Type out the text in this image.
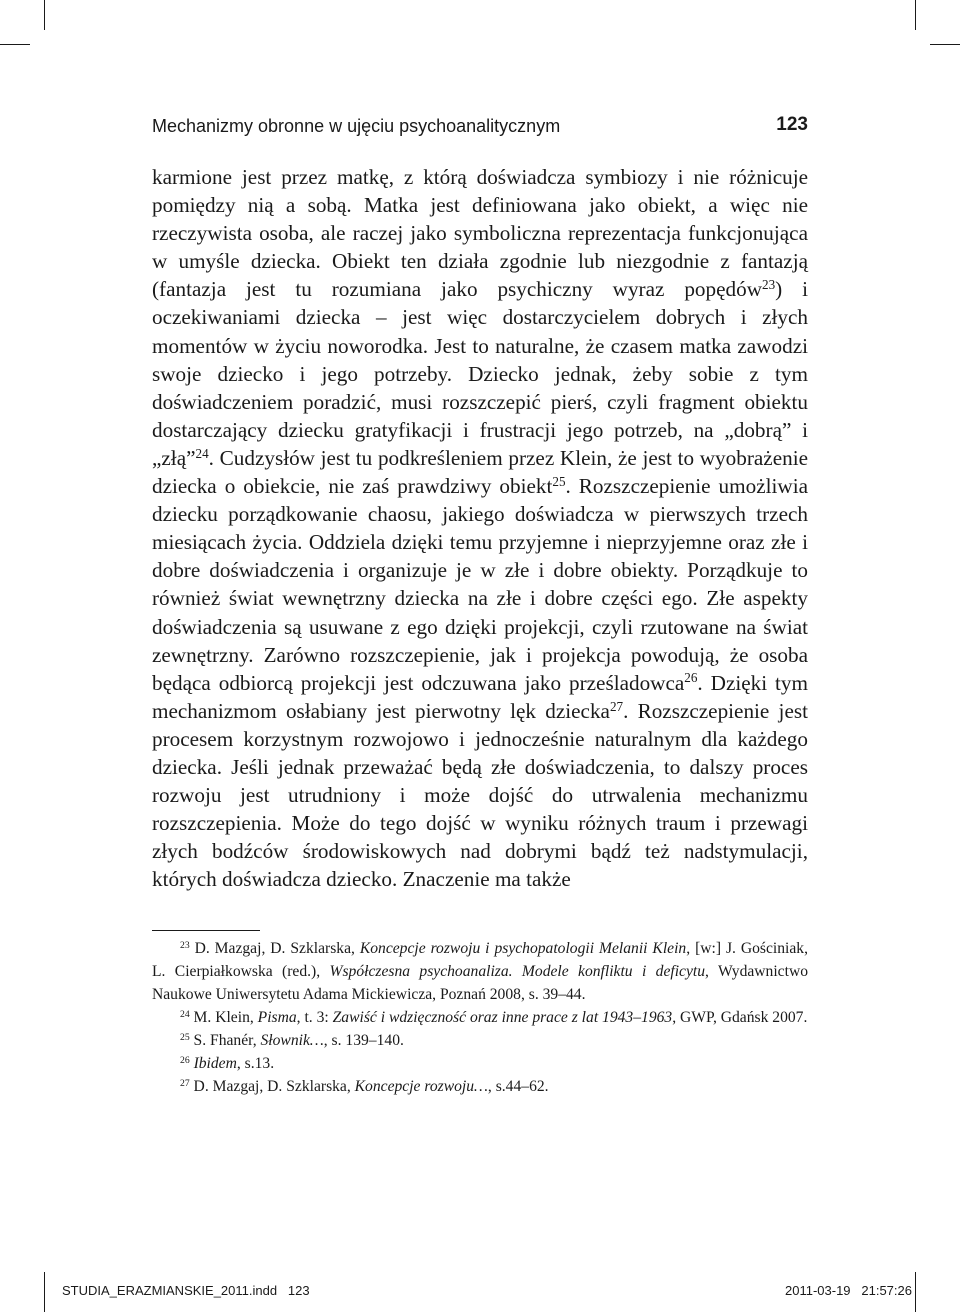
Mechanizmy obronne w ujęciu psychoanalitycznym	123

karmione jest przez matkę, z którą doświadcza symbiozy i nie różnicuje pomiędzy nią a sobą. Matka jest definiowana jako obiekt, a więc nie rzeczywista osoba, ale raczej jako symboliczna reprezentacja funkcjonująca w umyśle dziecka. Obiekt ten działa zgodnie lub niezgodnie z fantazją (fantazja jest tu rozumiana jako psychiczny wyraz popędów$^{23}$) i oczekiwaniami dziecka – jest więc dostarczycielem dobrych i złych momentów w życiu noworodka. Jest to naturalne, że czasem matka zawodzi swoje dziecko i jego potrzeby. Dziecko jednak, żeby sobie z tym doświadczeniem poradzić, musi rozszczepić pierś, czyli fragment obiektu dostarczający dziecku gratyfikacji i frustracji jego potrzeb, na „dobrą” i „złą”$^{24}$. Cudzysłów jest tu podkreśleniem przez Klein, że jest to wyobrażenie dziecka o obiekcie, nie zaś prawdziwy obiekt$^{25}$. Rozszczepienie umożliwia dziecku porządkowanie chaosu, jakiego doświadcza w pierwszych trzech miesiącach życia. Oddziela dzięki temu przyjemne i nieprzyjemne oraz złe i dobre doświadczenia i organizuje je w złe i dobre obiekty. Porządkuje to również świat wewnętrzny dziecka na złe i dobre części ego. Złe aspekty doświadczenia są usuwane z ego dzięki projekcji, czyli rzutowane na świat zewnętrzny. Zarówno rozszczepienie, jak i projekcja powodują, że osoba będąca odbiorcą projekcji jest odczuwana jako prześladowca$^{26}$. Dzięki tym mechanizmom osłabiany jest pierwotny lęk dziecka$^{27}$. Rozszczepienie jest procesem korzystnym rozwojowo i jednocześnie naturalnym dla każdego dziecka. Jeśli jednak przeważać będą złe doświadczenia, to dalszy proces rozwoju jest utrudniony i może dojść do utrwalenia mechanizmu rozszczepienia. Może do tego dojść w wyniku różnych traum i przewagi złych bodźców środowiskowych nad dobrymi bądź też nadstymulacji, których doświadcza dziecko. Znaczenie ma także

$^{23}$ D. Mazgaj, D. Szklarska, Koncepcje rozwoju i psychopatologii Melanii Klein, [w:] J. Gościniak, L. Cierpiałkowska (red.), Współczesna psychoanaliza. Modele konfliktu i deficytu, Wydawnictwo Naukowe Uniwersytetu Adama Mickiewicza, Poznań 2008, s. 39–44.

$^{24}$ M. Klein, Pisma, t. 3: Zawiść i wdzięczność oraz inne prace z lat 1943–1963, GWP, Gdańsk 2007.

$^{25}$ S. Fhanér, Słownik…, s. 139–140.

$^{26}$ Ibidem, s.13.

$^{27}$ D. Mazgaj, D. Szklarska, Koncepcje rozwoju…, s.44–62.

STUDIA_ERAZMIANSKIE_2011.indd   123	2011-03-19   21:57:26
